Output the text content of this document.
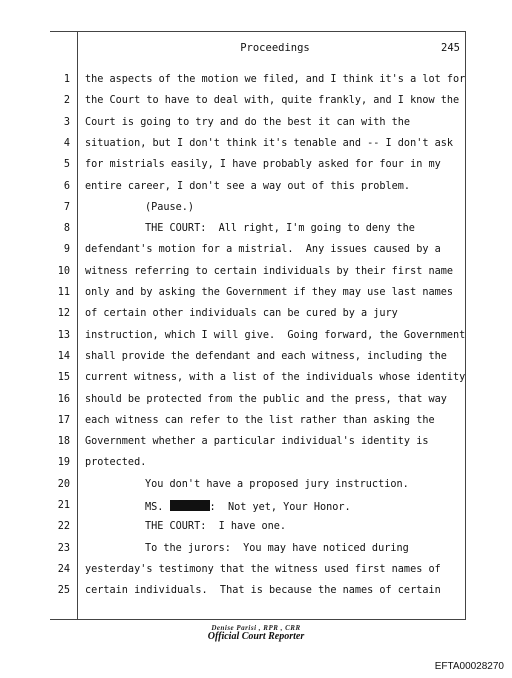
Proceedings	245
1 the aspects of the motion we filed, and I think it's a lot for
2 the Court to have to deal with, quite frankly, and I know the
3 Court is going to try and do the best it can with the
4 situation, but I don't think it's tenable and -- I don't ask
5 for mistrials easily, I have probably asked for four in my
6 entire career, I don't see a way out of this problem.
7	(Pause.)
8	THE COURT:  All right, I'm going to deny the
9 defendant's motion for a mistrial.  Any issues caused by a
10 witness referring to certain individuals by their first name
11 only and by asking the Government if they may use last names
12 of certain other individuals can be cured by a jury
13 instruction, which I will give.  Going forward, the Government
14 shall provide the defendant and each witness, including the
15 current witness, with a list of the individuals whose identity
16 should be protected from the public and the press, that way
17 each witness can refer to the list rather than asking the
18 Government whether a particular individual's identity is
19 protected.
20	You don't have a proposed jury instruction.
21	MS.	:  Not yet, Your Honor.
22	THE COURT:  I have one.
23	To the jurors:  You may have noticed during
24 yesterday's testimony that the witness used first names of
25 certain individuals.  That is because the names of certain
Denise Parisi , RPR , CRR
Official Court Reporter
EFTA00028270
